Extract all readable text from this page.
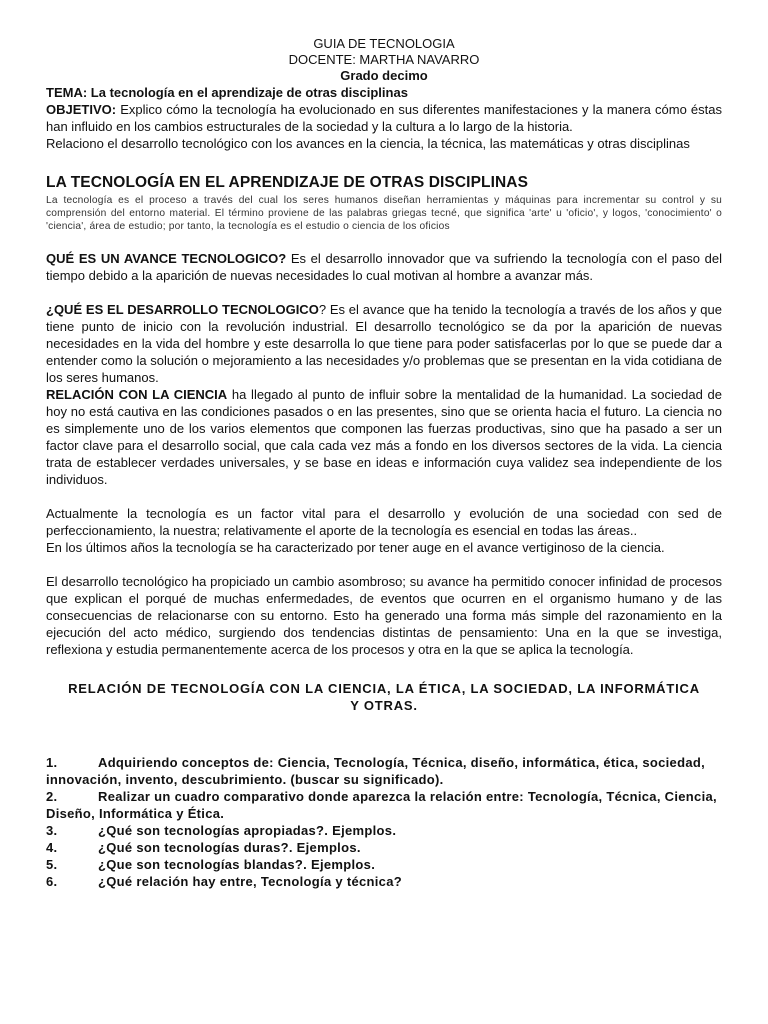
GUIA DE TECNOLOGIA
DOCENTE: MARTHA NAVARRO
Grado decimo

TEMA: La tecnología en el aprendizaje de otras disciplinas

OBJETIVO: Explico cómo la tecnología ha evolucionado en sus diferentes manifestaciones y la manera cómo éstas han influido en los cambios estructurales de la sociedad y la cultura a lo largo de la historia.

Relaciono el desarrollo tecnológico con los avances en la ciencia, la técnica, las matemáticas y otras disciplinas

LA TECNOLOGÍA EN EL APRENDIZAJE DE OTRAS DISCIPLINAS

La tecnología es el proceso a través del cual los seres humanos diseñan herramientas y máquinas para incrementar su control y su comprensión del entorno material. El término proviene de las palabras griegas tecné, que significa 'arte' u 'oficio', y logos, 'conocimiento' o 'ciencia', área de estudio; por tanto, la tecnología es el estudio o ciencia de los oficios

QUÉ ES UN AVANCE TECNOLOGICO? Es el desarrollo innovador que va sufriendo la tecnología con el paso del tiempo debido a la aparición de nuevas necesidades lo cual motivan al hombre a avanzar más.

¿QUÉ ES EL DESARROLLO TECNOLOGICO? Es el avance que ha tenido la tecnología a través de los años y que tiene punto de inicio con la revolución industrial. El desarrollo tecnológico se da por la aparición de nuevas necesidades en la vida del hombre y este desarrolla lo que tiene para poder satisfacerlas por lo que se puede dar a entender como la solución o mejoramiento a las necesidades y/o problemas que se presentan en la vida cotidiana de los seres humanos.

RELACIÓN CON LA CIENCIA ha llegado al punto de influir sobre la mentalidad de la humanidad. La sociedad de hoy no está cautiva en las condiciones pasados o en las presentes, sino que se orienta hacia el futuro. La ciencia no es simplemente uno de los varios elementos que componen las fuerzas productivas, sino que ha pasado a ser un factor clave para el desarrollo social, que cala cada vez más a fondo en los diversos sectores de la vida. La ciencia trata de establecer verdades universales, y se base en ideas e información cuya validez sea independiente de los individuos.

Actualmente la tecnología es un factor vital para el desarrollo y evolución de una sociedad con sed de perfeccionamiento, la nuestra; relativamente el aporte de la tecnología es esencial en todas las áreas..

En los últimos años la tecnología se ha caracterizado por tener auge en el avance vertiginoso de la ciencia.

El desarrollo tecnológico ha propiciado un cambio asombroso; su avance ha permitido conocer infinidad de procesos que explican el porqué de muchas enfermedades, de eventos que ocurren en el organismo humano y de las consecuencias de relacionarse con su entorno. Esto ha generado una forma más simple del razonamiento en la ejecución del acto médico, surgiendo dos tendencias distintas de pensamiento: Una en la que se investiga, reflexiona y estudia permanentemente acerca de los procesos y otra en la que se aplica la tecnología.

RELACIÓN DE TECNOLOGÍA CON LA CIENCIA, LA ÉTICA, LA SOCIEDAD, LA INFORMÁTICA Y OTRAS.

1.	Adquiriendo conceptos de: Ciencia, Tecnología, Técnica, diseño, informática, ética, sociedad, innovación, invento, descubrimiento. (buscar su significado).

2.	Realizar un cuadro comparativo donde aparezca la relación entre: Tecnología, Técnica, Ciencia, Diseño, Informática y Ética.

3.	¿Qué son tecnologías apropiadas?. Ejemplos.

4.	¿Qué son tecnologías duras?. Ejemplos.

5.	¿Que son tecnologías blandas?. Ejemplos.

6.	¿Qué relación hay entre, Tecnología y técnica?
